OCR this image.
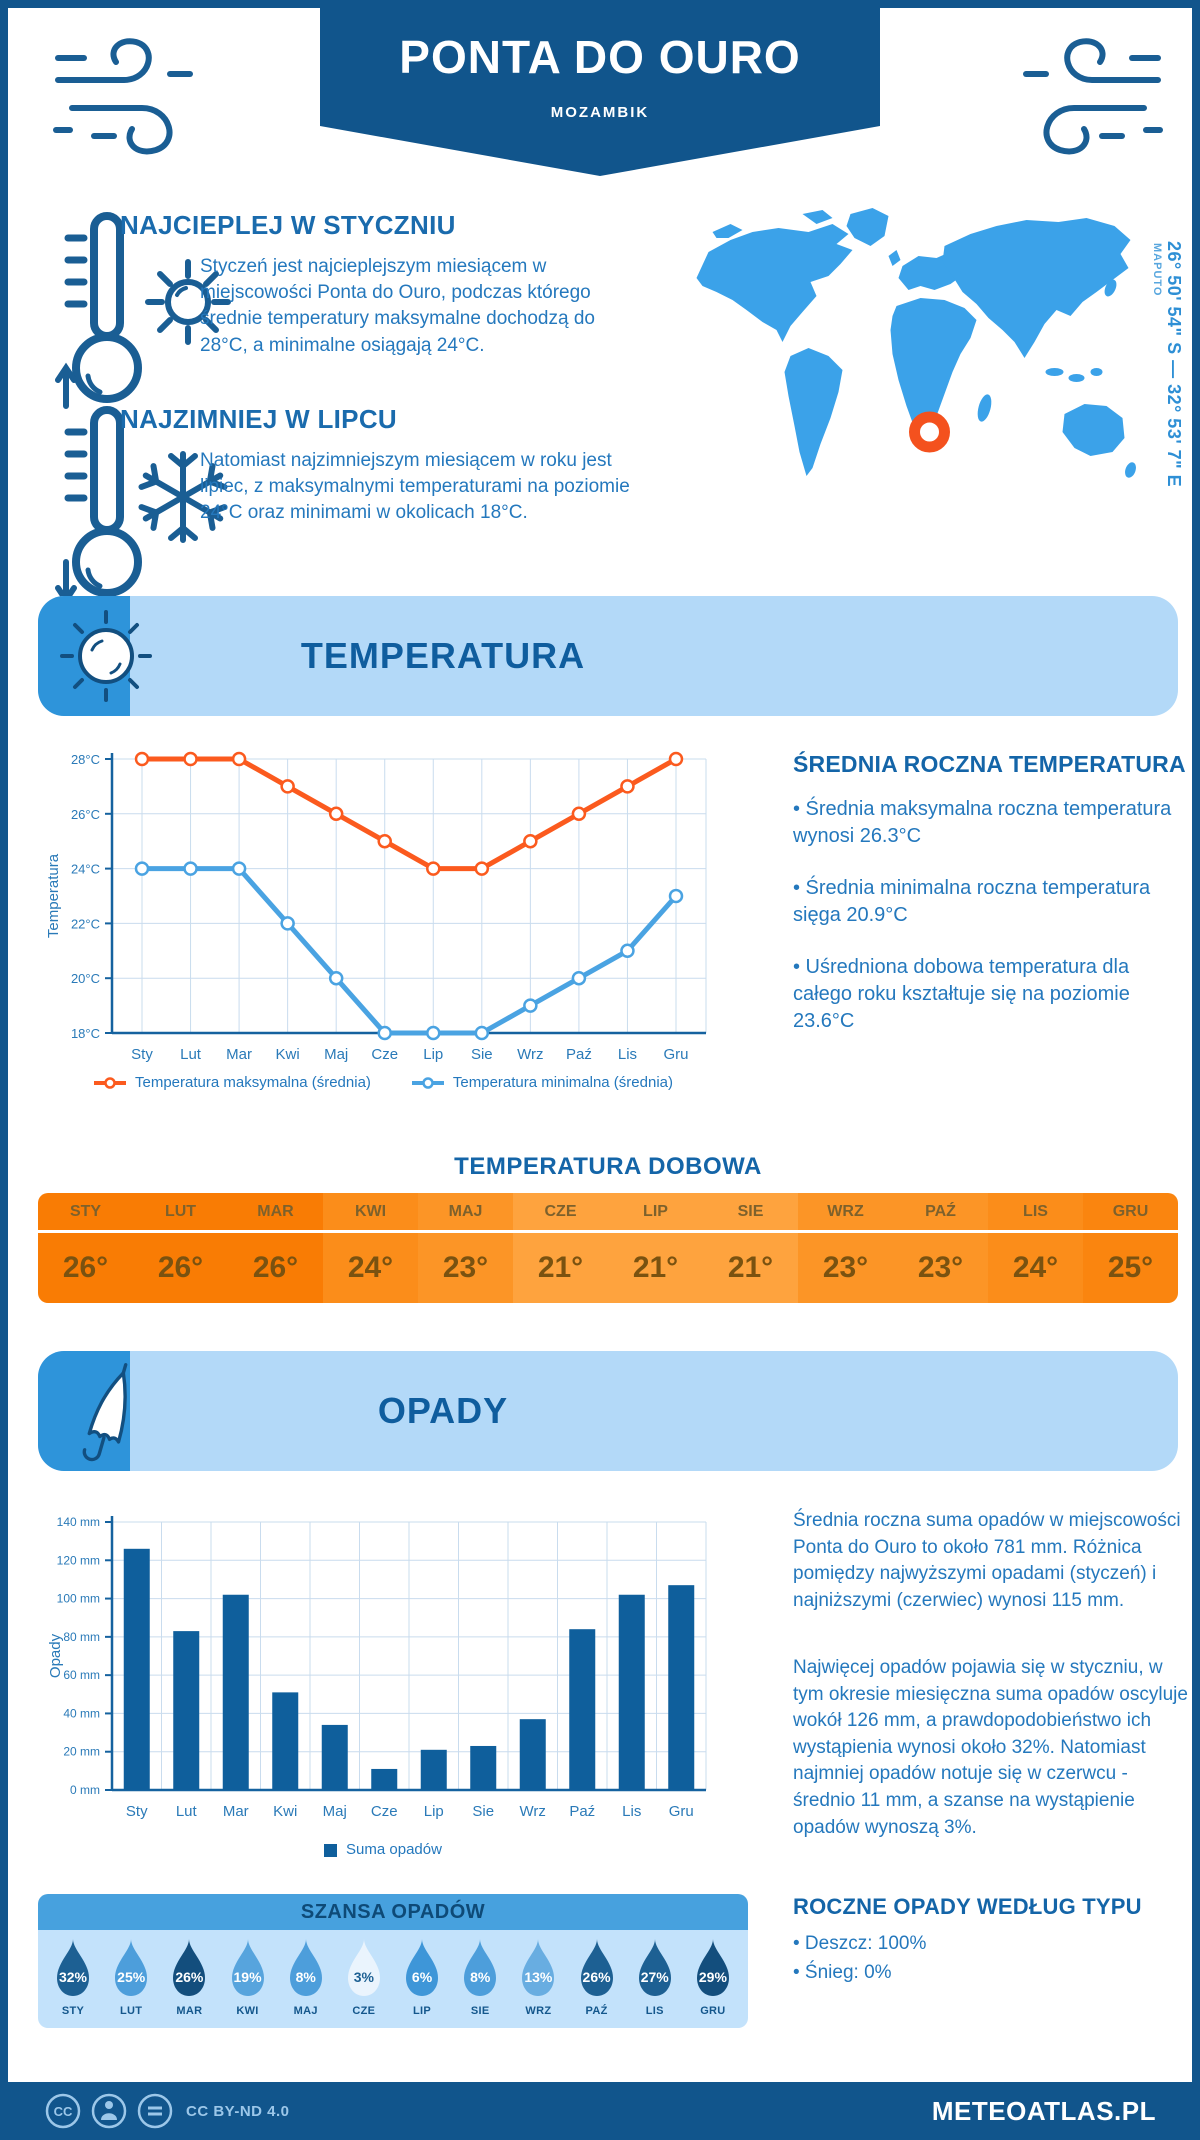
PONTA DO OURO
MOZAMBIK
NAJCIEPLEJ W STYCZNIU
Styczeń jest najcieplejszym miesiącem w miejscowości Ponta do Ouro, podczas którego średnie temperatury maksymalne dochodzą do 28°C, a minimalne osiągają 24°C.
NAJZIMNIEJ W LIPCU
Natomiast najzimniejszym miesiącem w roku jest lipiec, z maksymalnymi temperaturami na poziomie 24°C oraz minimami w okolicach 18°C.
26° 50' 54" S — 32° 53' 7" E
MAPUTO
TEMPERATURA
18°C
20°C
22°C
24°C
26°C
28°C
Sty Lut Mar Kwi Maj Cze Lip Sie Wrz Paź Lis Gru
Temperatura
Temperatura maksymalna (średnia)	Temperatura minimalna (średnia)
ŚREDNIA ROCZNA TEMPERATURA

• Średnia maksymalna roczna temperatura wynosi 26.3°C

• Średnia minimalna roczna temperatura sięga 20.9°C

• Uśredniona dobowa temperatura dla całego roku kształtuje się na poziomie 23.6°C

TEMPERATURA DOBOWA
STY
26°
LUT
26°
MAR
26°
KWI
24°
MAJ
23°
CZE
21°
LIP
21°
SIE
21°
WRZ
23°
PAŹ
23°
LIS
24°
GRU
25°
OPADY
0 mm
20 mm
40 mm
60 mm
80 mm
100 mm
120 mm
140 mm
Sty Lut Mar Kwi Maj Cze Lip Sie Wrz Paź Lis Gru
Opady
Suma opadów
Średnia roczna suma opadów w miejscowości Ponta do Ouro to około 781 mm. Różnica pomiędzy najwyższymi opadami (styczeń) i najniższymi (czerwiec) wynosi 115 mm.
Najwięcej opadów pojawia się w styczniu, w tym okresie miesięczna suma opadów oscyluje wokół 126 mm, a prawdopodobieństwo ich wystąpienia wynosi około 32%. Natomiast najmniej opadów notuje się w czerwcu - średnio 11 mm, a szanse na wystąpienie opadów wynoszą 3%.
ROCZNE OPADY WEDŁUG TYPU
• Deszcz: 100%
• Śnieg: 0%
SZANSA OPADÓW
32%
STY
25%
LUT
26%
MAR
19%
KWI
8%
MAJ
3%
CZE
6%
LIP
8%
SIE
13%
WRZ
26%
PAŹ
27%
LIS
29%
GRU
CC	CC BY-ND 4.0	METEOATLAS.PL
